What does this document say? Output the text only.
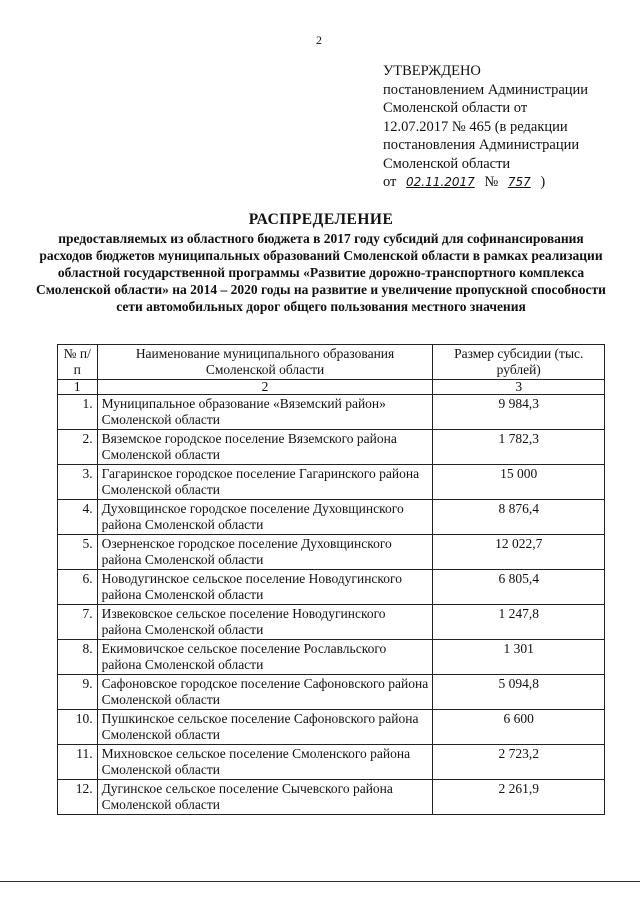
2
УТВЕРЖДЕНО
постановлением Администрации
Смоленской области от
12.07.2017 № 465 (в редакции
постановления Администрации
Смоленской области
от 02.11.2017 № 757 )
РАСПРЕДЕЛЕНИЕ
предоставляемых из областного бюджета в 2017 году субсидий для софинансирования расходов бюджетов муниципальных образований Смоленской области в рамках реализации областной государственной программы «Развитие дорожно-транспортного комплекса Смоленской области» на 2014 – 2020 годы на развитие и увеличение пропускной способности сети автомобильных дорог общего пользования местного значения
№ п/п	Наименование муниципального образования Смоленской области	Размер субсидии (тыс. рублей)
1	2	3
1.	Муниципальное образование «Вяземский район» Смоленской области	9 984,3
2.	Вяземское городское поселение Вяземского района Смоленской области	1 782,3
3.	Гагаринское городское поселение Гагаринского района Смоленской области	15 000
4.	Духовщинское городское поселение Духовщинского района Смоленской области	8 876,4
5.	Озерненское городское поселение Духовщинского района Смоленской области	12 022,7
6.	Новодугинское сельское поселение Новодугинского района Смоленской области	6 805,4
7.	Извековское сельское поселение Новодугинского района Смоленской области	1 247,8
8.	Екимовичское сельское поселение Рославльского района Смоленской области	1 301
9.	Сафоновское городское поселение Сафоновского района Смоленской области	5 094,8
10.	Пушкинское сельское поселение Сафоновского района Смоленской области	6 600
11.	Михновское сельское поселение Смоленского района Смоленской области	2 723,2
12.	Дугинское сельское поселение Сычевского района Смоленской области	2 261,9
